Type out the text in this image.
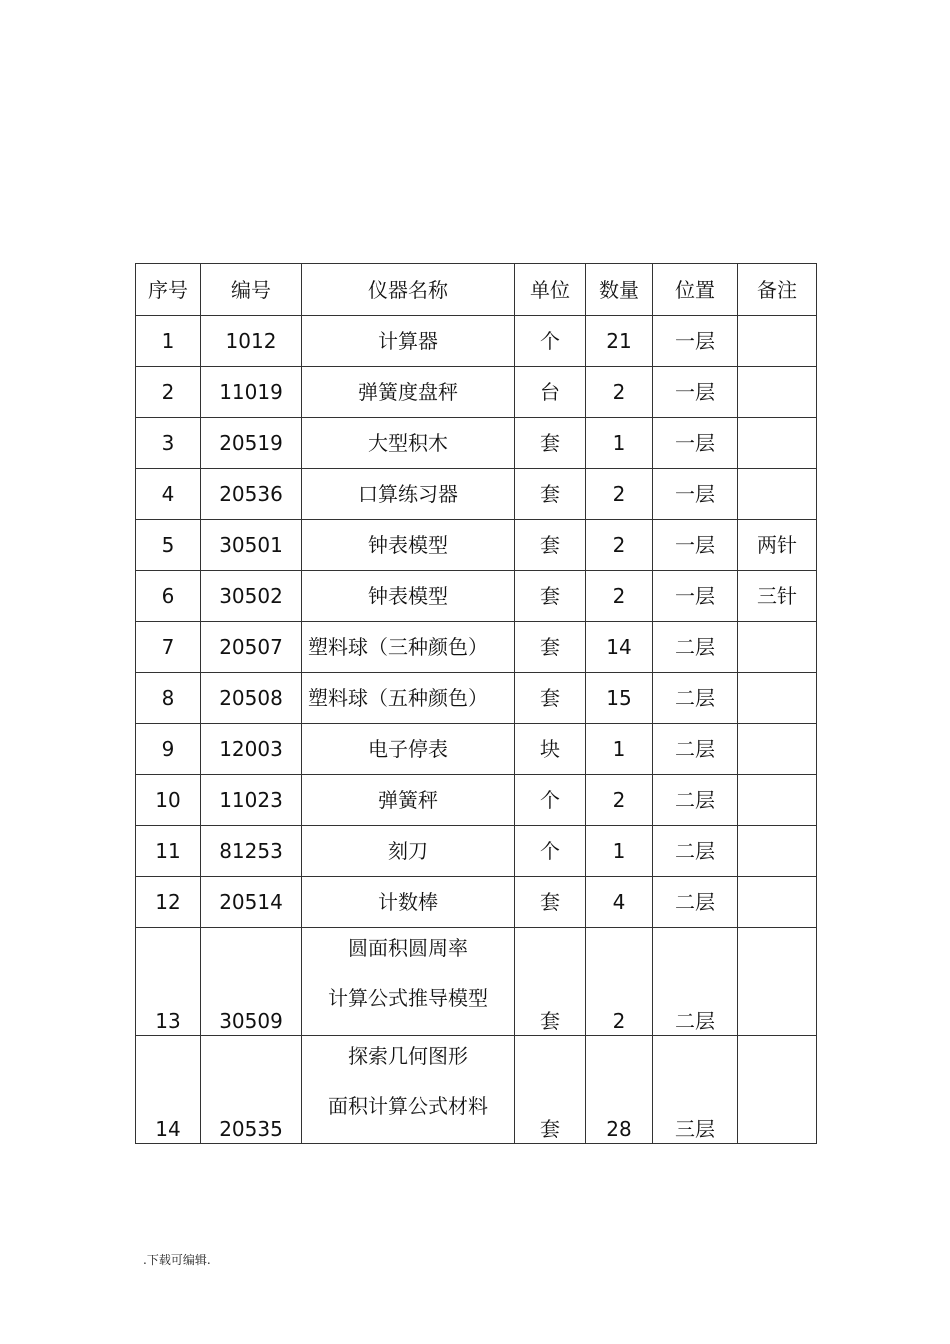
序号	编号	仪器名称	单位	数量	位置	备注
1	1012	计算器	个	21	一层	
2	11019	弹簧度盘秤	台	2	一层	
3	20519	大型积木	套	1	一层	
4	20536	口算练习器	套	2	一层	
5	30501	钟表模型	套	2	一层	两针
6	30502	钟表模型	套	2	一层	三针
7	20507	塑料球（三种颜色）	套	14	二层	
8	20508	塑料球（五种颜色）	套	15	二层	
9	12003	电子停表	块	1	二层	
10	11023	弹簧秤	个	2	二层	
11	81253	刻刀	个	1	二层	
12	20514	计数棒	套	4	二层	
13	30509	圆面积圆周率
计算公式推导模型	套	2	二层	
14	20535	探索几何图形
面积计算公式材料	套	28	三层	
.下载可编辑.
